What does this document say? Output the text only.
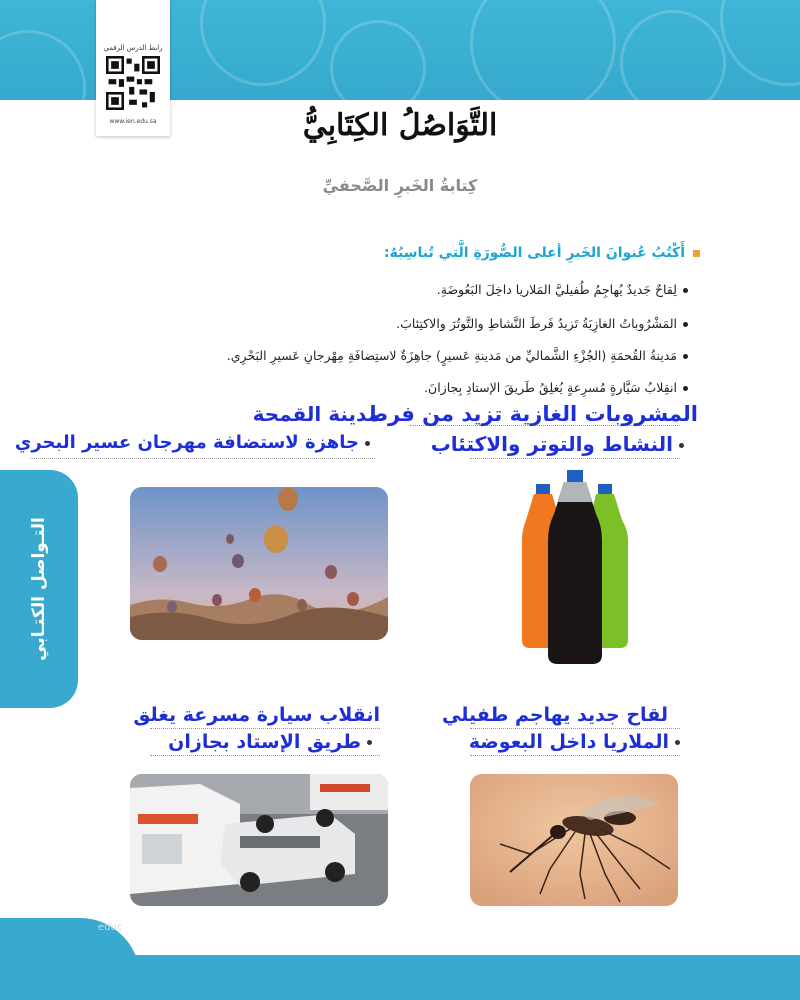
رابط الدرس الرقمي
www.ien.edu.sa	التَّوَاصُلُ الكِتَابِيُّ
كِتابةُ الخَبرِ الصَّحفيِّ
أَكْتُبُ عُنوانَ الخَبرِ أعلى الصُّورَةِ الَّتي تُناسِبُهُ:
لِقاحٌ جَديدٌ يُهاجِمُ طُفيليَّ المَلاريا داخِلَ البَعُوضَةِ.
المَشْرُوباتُ الغازِيَةُ تَزيدُ فَرطَ النَّشاطِ والتَّوتُرَ والاكتِئابَ.
مَدينةُ القُحمَةِ (الجُزْءِ الشَّماليِّ من مَدينةِ عَسيرٍ) جاهِزَةٌ لاستِضافَةِ مِهْرجانِ عَسيرِ البَحْرِي.
انقِلابُ سَيَّارةٍ مُسرِعةٍ يُغلِقُ طَريقَ الإستادِ بِجازانَ.
المشروبات الغازية تزيد من فرط
النشاط والتوتر والاكتئاب
مدينة القمحة
جاهزة لاستضافة مهرجان عسير البحري
التـواصل الكتـابي
لقاح جديد يهاجم طفيلي
الملاريا داخل البعوضة
انقلاب سيارة مسرعة يغلق
طريق الإستاد بجازان
educ
